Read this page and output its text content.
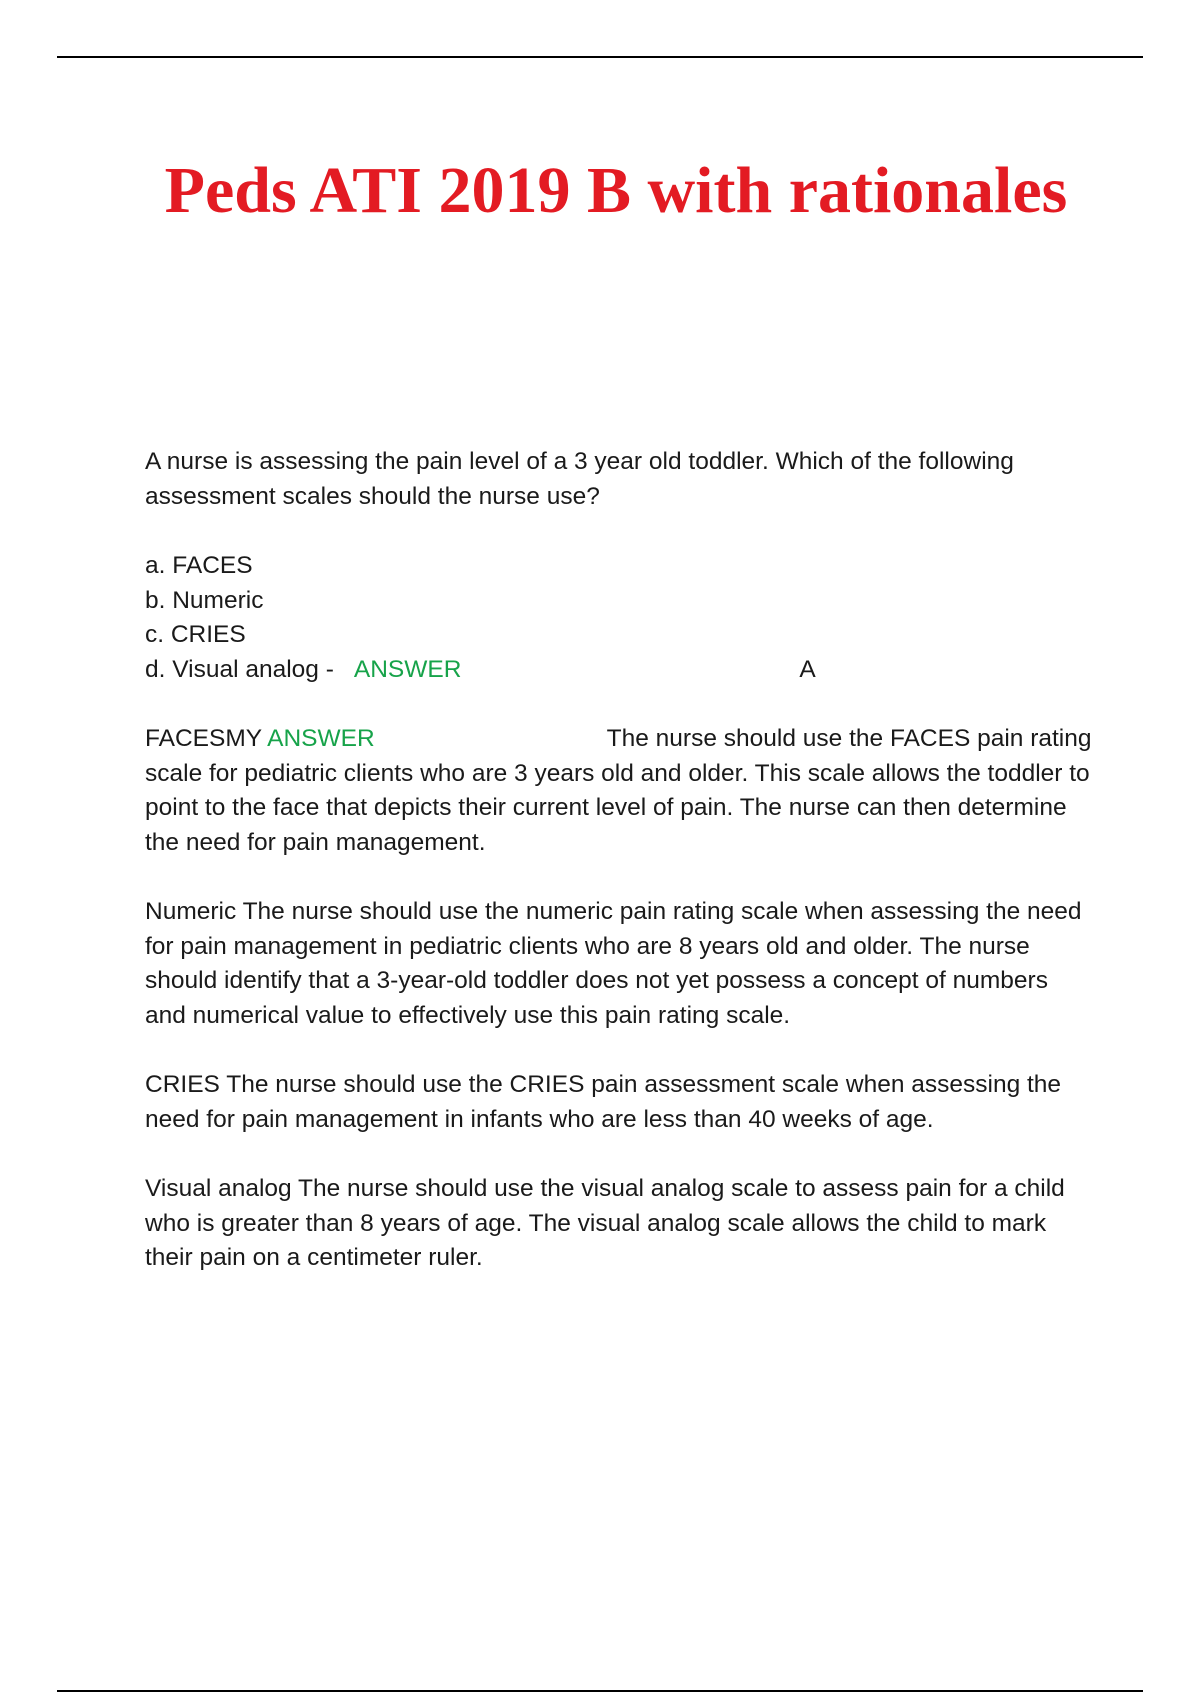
Peds ATI 2019 B with rationales

A nurse is assessing the pain level of a 3 year old toddler. Which of the following assessment scales should the nurse use?

a. FACES
b. Numeric
c. CRIES
d. Visual analog - ANSWER	A

FACESMY ANSWER	The nurse should use the FACES pain rating scale for pediatric clients who are 3 years old and older. This scale allows the toddler to point to the face that depicts their current level of pain. The nurse can then determine the need for pain management.

Numeric The nurse should use the numeric pain rating scale when assessing the need for pain management in pediatric clients who are 8 years old and older. The nurse should identify that a 3-year-old toddler does not yet possess a concept of numbers and numerical value to effectively use this pain rating scale.

CRIES The nurse should use the CRIES pain assessment scale when assessing the need for pain management in infants who are less than 40 weeks of age.

Visual analog The nurse should use the visual analog scale to assess pain for a child who is greater than 8 years of age. The visual analog scale allows the child to mark their pain on a centimeter ruler.
